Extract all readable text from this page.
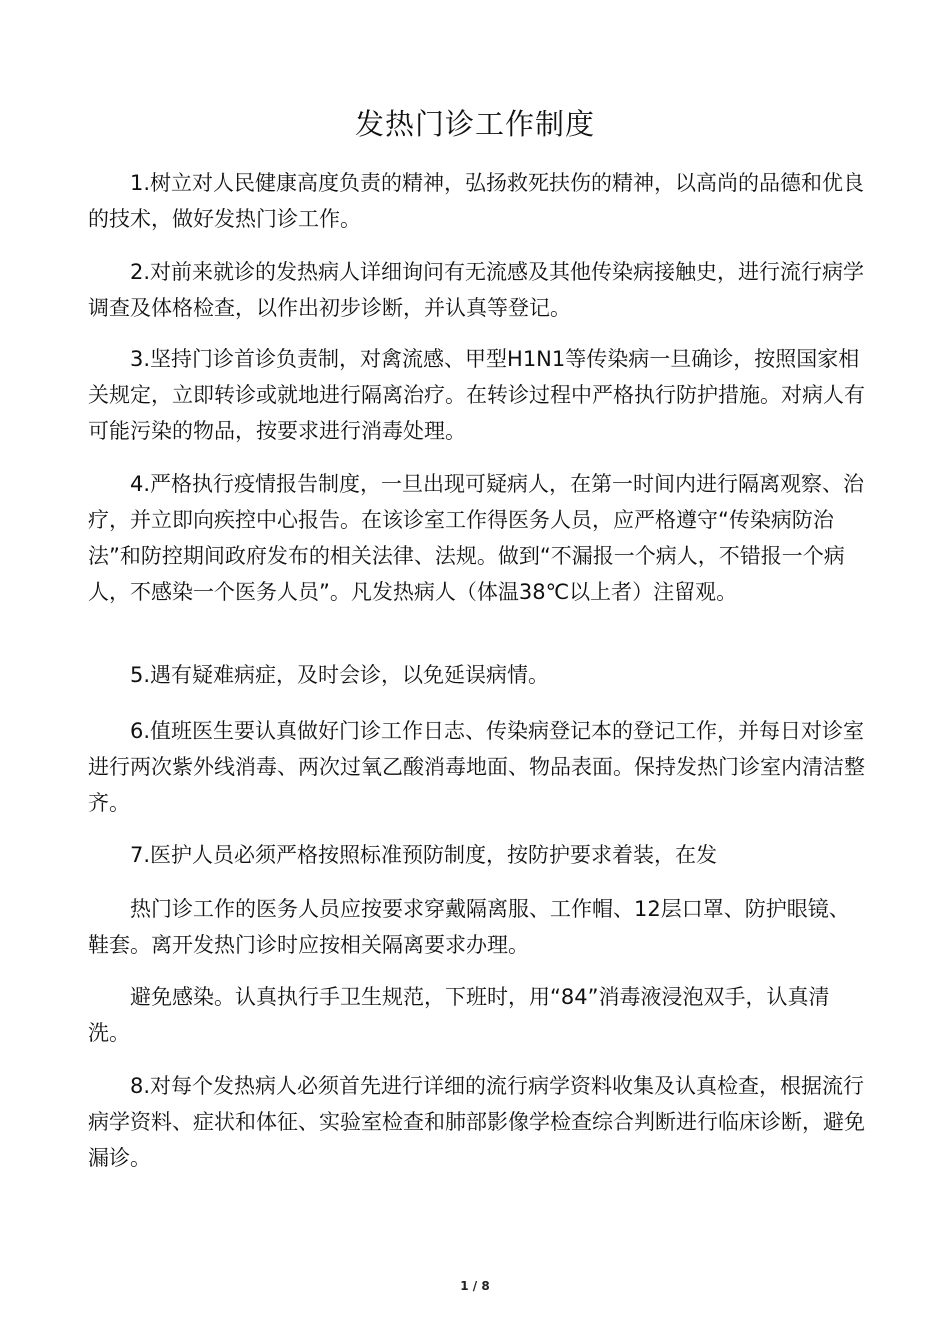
发热门诊工作制度

1.树立对人民健康高度负责的精神，弘扬救死扶伤的精神，以高尚的品德和优良的技术，做好发热门诊工作。

2.对前来就诊的发热病人详细询问有无流感及其他传染病接触史，进行流行病学调查及体格检查，以作出初步诊断，并认真等登记。

3.坚持门诊首诊负责制，对禽流感、甲型H1N1等传染病一旦确诊，按照国家相关规定，立即转诊或就地进行隔离治疗。在转诊过程中严格执行防护措施。对病人有可能污染的物品，按要求进行消毒处理。

4.严格执行疫情报告制度，一旦出现可疑病人，在第一时间内进行隔离观察、治疗，并立即向疾控中心报告。在该诊室工作得医务人员，应严格遵守“传染病防治法”和防控期间政府发布的相关法律、法规。做到“不漏报一个病人，不错报一个病人，不感染一个医务人员”。凡发热病人（体温38℃以上者）注留观。

5.遇有疑难病症，及时会诊，以免延误病情。

6.值班医生要认真做好门诊工作日志、传染病登记本的登记工作，并每日对诊室进行两次紫外线消毒、两次过氧乙酸消毒地面、物品表面。保持发热门诊室内清洁整齐。

7.医护人员必须严格按照标准预防制度，按防护要求着装，在发

热门诊工作的医务人员应按要求穿戴隔离服、工作帽、12层口罩、防护眼镜、鞋套。离开发热门诊时应按相关隔离要求办理。

避免感染。认真执行手卫生规范，下班时，用“84”消毒液浸泡双手，认真清洗。

8.对每个发热病人必须首先进行详细的流行病学资料收集及认真检查，根据流行病学资料、症状和体征、实验室检查和肺部影像学检查综合判断进行临床诊断，避免漏诊。

1 / 8
